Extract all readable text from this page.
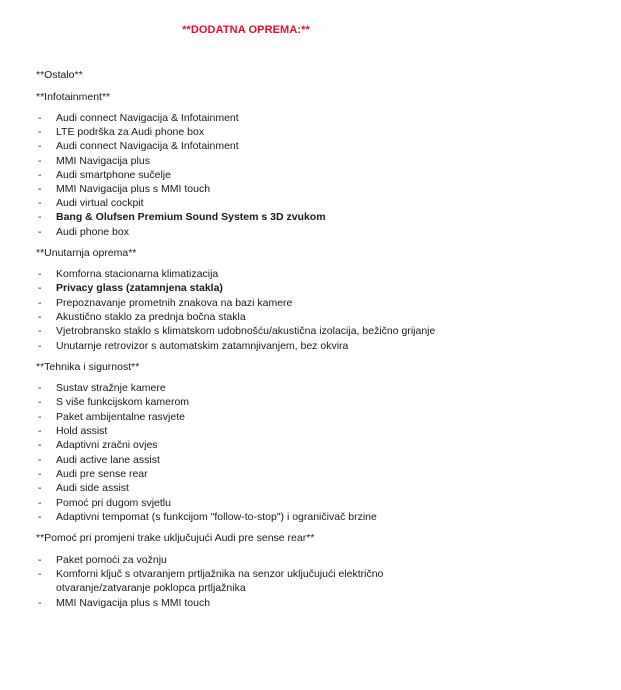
**DODATNA OPREMA:**
**Ostalo**
**Infotainment**
- Audi connect Navigacija & Infotainment
- LTE podrška za Audi phone box
- Audi connect Navigacija & Infotainment
- MMI Navigacija plus
- Audi smartphone sučelje
- MMI Navigacija plus s MMI touch
- Audi virtual cockpit
- Bang & Olufsen Premium Sound System s 3D zvukom
- Audi phone box
**Unutarnja oprema**
- Komforna stacionarna klimatizacija
- Privacy glass (zatamnjena stakla)
- Prepoznavanje prometnih znakova na bazi kamere
- Akustično staklo za prednja bočna stakla
- Vjetrobransko staklo s klimatskom udobnošću/akustična izolacija, bežično grijanje
- Unutarnje retrovizor s automatskim zatamnjivanjem, bez okvira
**Tehnika i sigurnost**
- Sustav stražnje kamere
- S više funkcijskom kamerom
- Paket ambijentalne rasvjete
- Hold assist
- Adaptivni zračni ovjes
- Audi active lane assist
- Audi pre sense rear
- Audi side assist
- Pomoć pri dugom svjetlu
- Adaptivni tempomat (s funkcijom "follow-to-stop") i ograničivač brzine
**Pomoć pri promjeni trake uključujući Audi pre sense rear**
- Paket pomoći za vožnju
- Komforni ključ s otvaranjem prtljažnika na senzor uključujući električno otvaranje/zatvaranje poklopca prtljažnika
- MMI Navigacija plus s MMI touch
